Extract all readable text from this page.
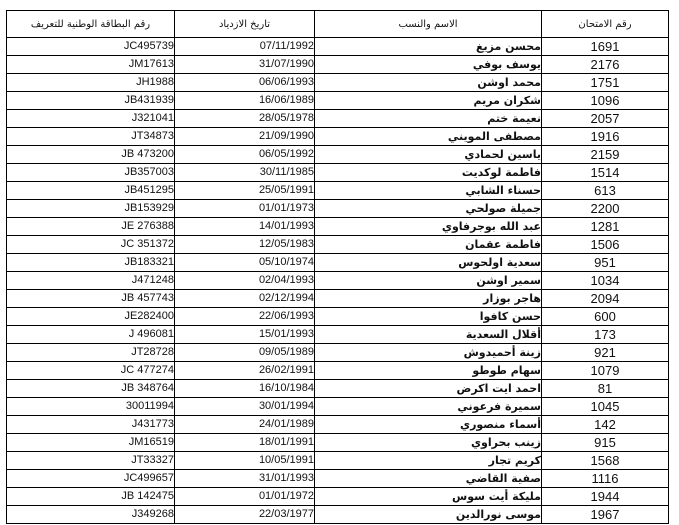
رقم البطاقة الوطنية للتعريف	تاريخ الازدياد	الاسم والنسب	رقم الامتحان
JC495739	07/11/1992	محسن مزيغ	1691
JM17613	31/07/1990	يوسف بوفي	2176
JH1988	06/06/1993	محمد اوشن	1751
JB431939	16/06/1989	شكران مريم	1096
J321041	28/05/1978	نعيمة ختم	2057
JT34873	21/09/1990	مصطفى المويني	1916
JB 473200	06/05/1992	ياسين لحمادي	2159
JB357003	30/11/1985	فاطمة لوكديت	1514
JB451295	25/05/1991	حسناء الشابي	613
JB153929	01/01/1973	جميلة صولحي	2200
JE 276388	14/01/1993	عبد الله بوجرفاوي	1281
JC 351372	12/05/1983	فاطمة عقمان	1506
JB183321	05/10/1974	سعدية اولحوس	951
J471248	02/04/1993	سمير اوشن	1034
JB 457743	02/12/1994	هاجر بوزار	2094
JE282400	22/06/1993	حسن كافوا	600
J 496081	15/01/1993	أقلال السعدية	173
JT28728	09/05/1989	زينة أحميدوش	921
JC 477274	26/02/1991	سهام طوطو	1079
JB 348764	16/10/1984	احمد ايت اكرض	81
30011994	30/01/1994	سميرة فرعوني	1045
J431773	24/01/1989	أسماء منصوري	142
JM16519	18/01/1991	زينب بحراوي	915
JT33327	10/05/1991	كريم تجار	1568
JC499657	31/01/1993	صفية القاضي	1116
JB 142475	01/01/1972	مليكة أيت سوس	1944
J349268	22/03/1977	موسى نورالدين	1967
